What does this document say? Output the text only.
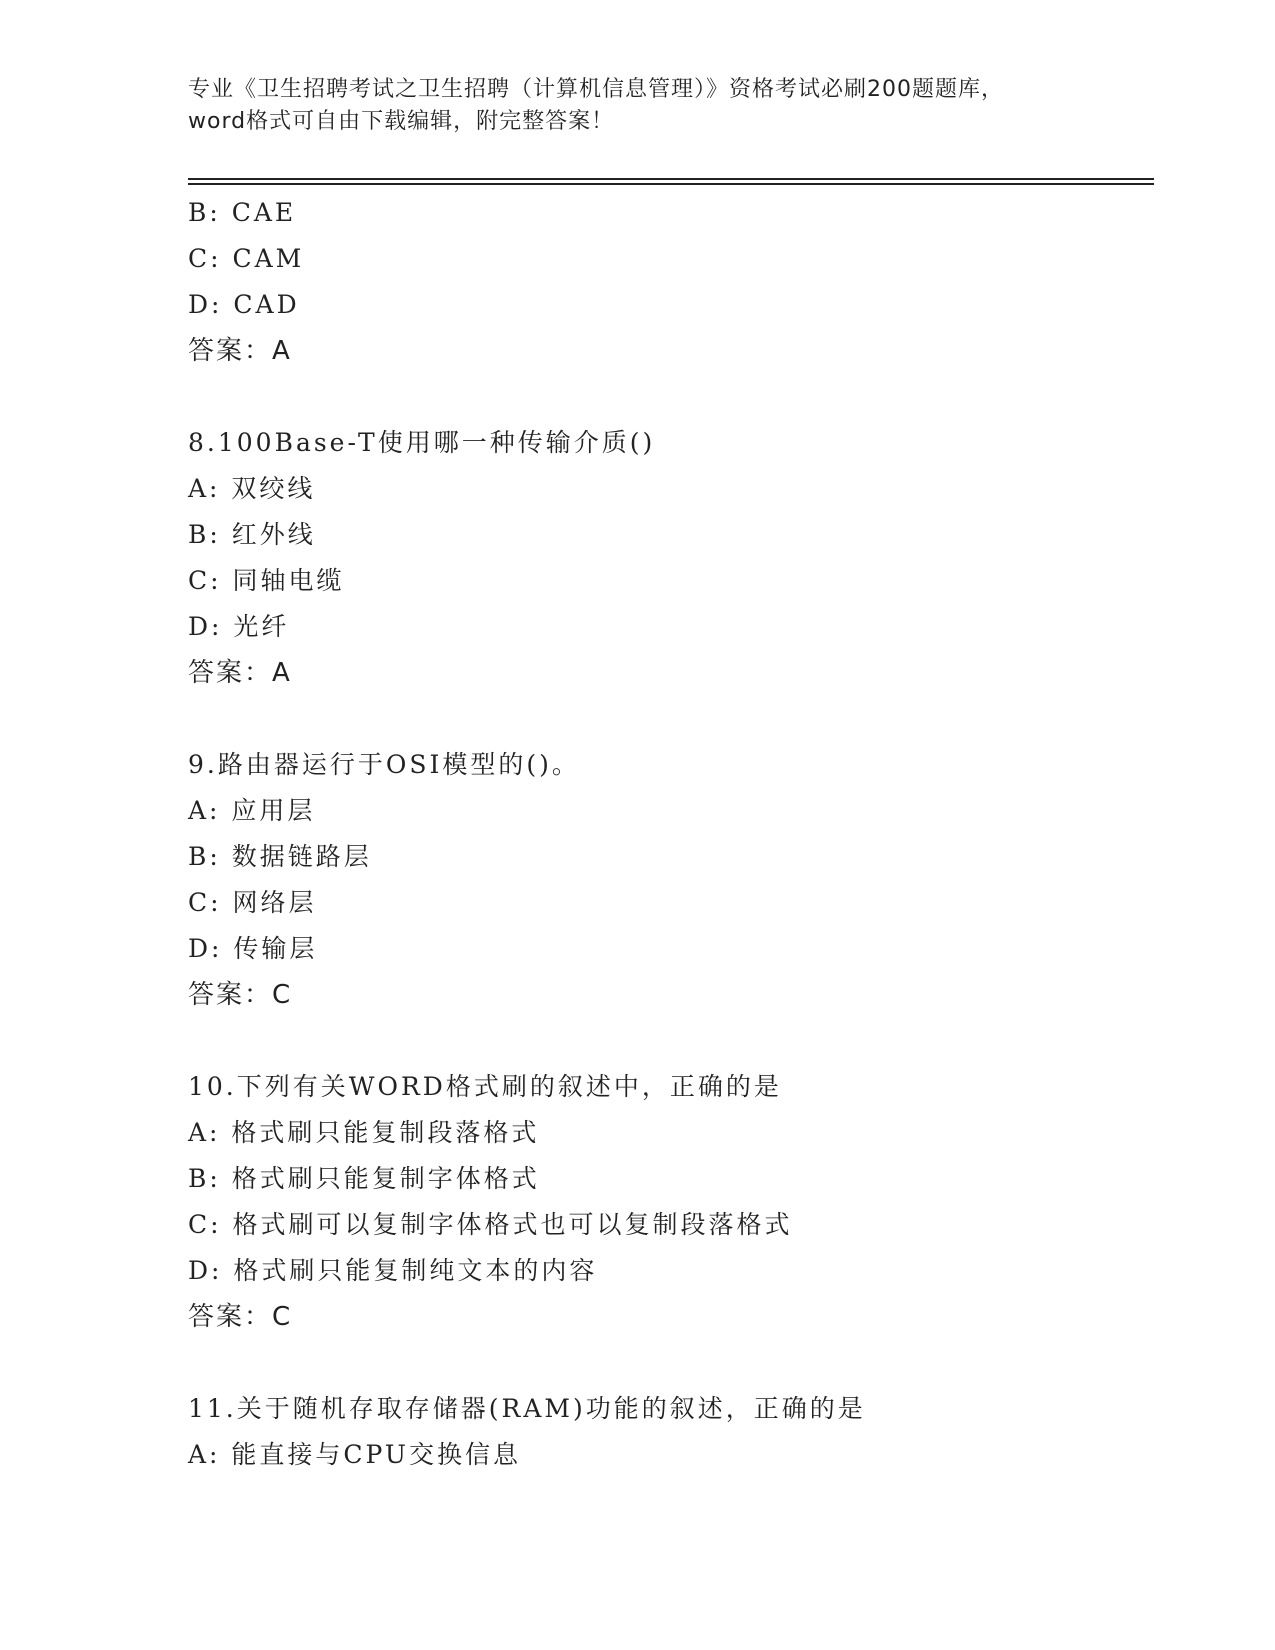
专业《卫生招聘考试之卫生招聘（计算机信息管理）》资格考试必刷200题题库，
word格式可自由下载编辑，附完整答案！
B: CAE
C: CAM
D: CAD
答案：A
8.100Base-T使用哪一种传输介质()
A: 双绞线
B: 红外线
C: 同轴电缆
D: 光纤
答案：A
9.路由器运行于OSI模型的()。
A: 应用层
B: 数据链路层
C: 网络层
D: 传输层
答案：C
10.下列有关WORD格式刷的叙述中，正确的是
A: 格式刷只能复制段落格式
B: 格式刷只能复制字体格式
C: 格式刷可以复制字体格式也可以复制段落格式
D: 格式刷只能复制纯文本的内容
答案：C
11.关于随机存取存储器(RAM)功能的叙述，正确的是
A: 能直接与CPU交换信息
